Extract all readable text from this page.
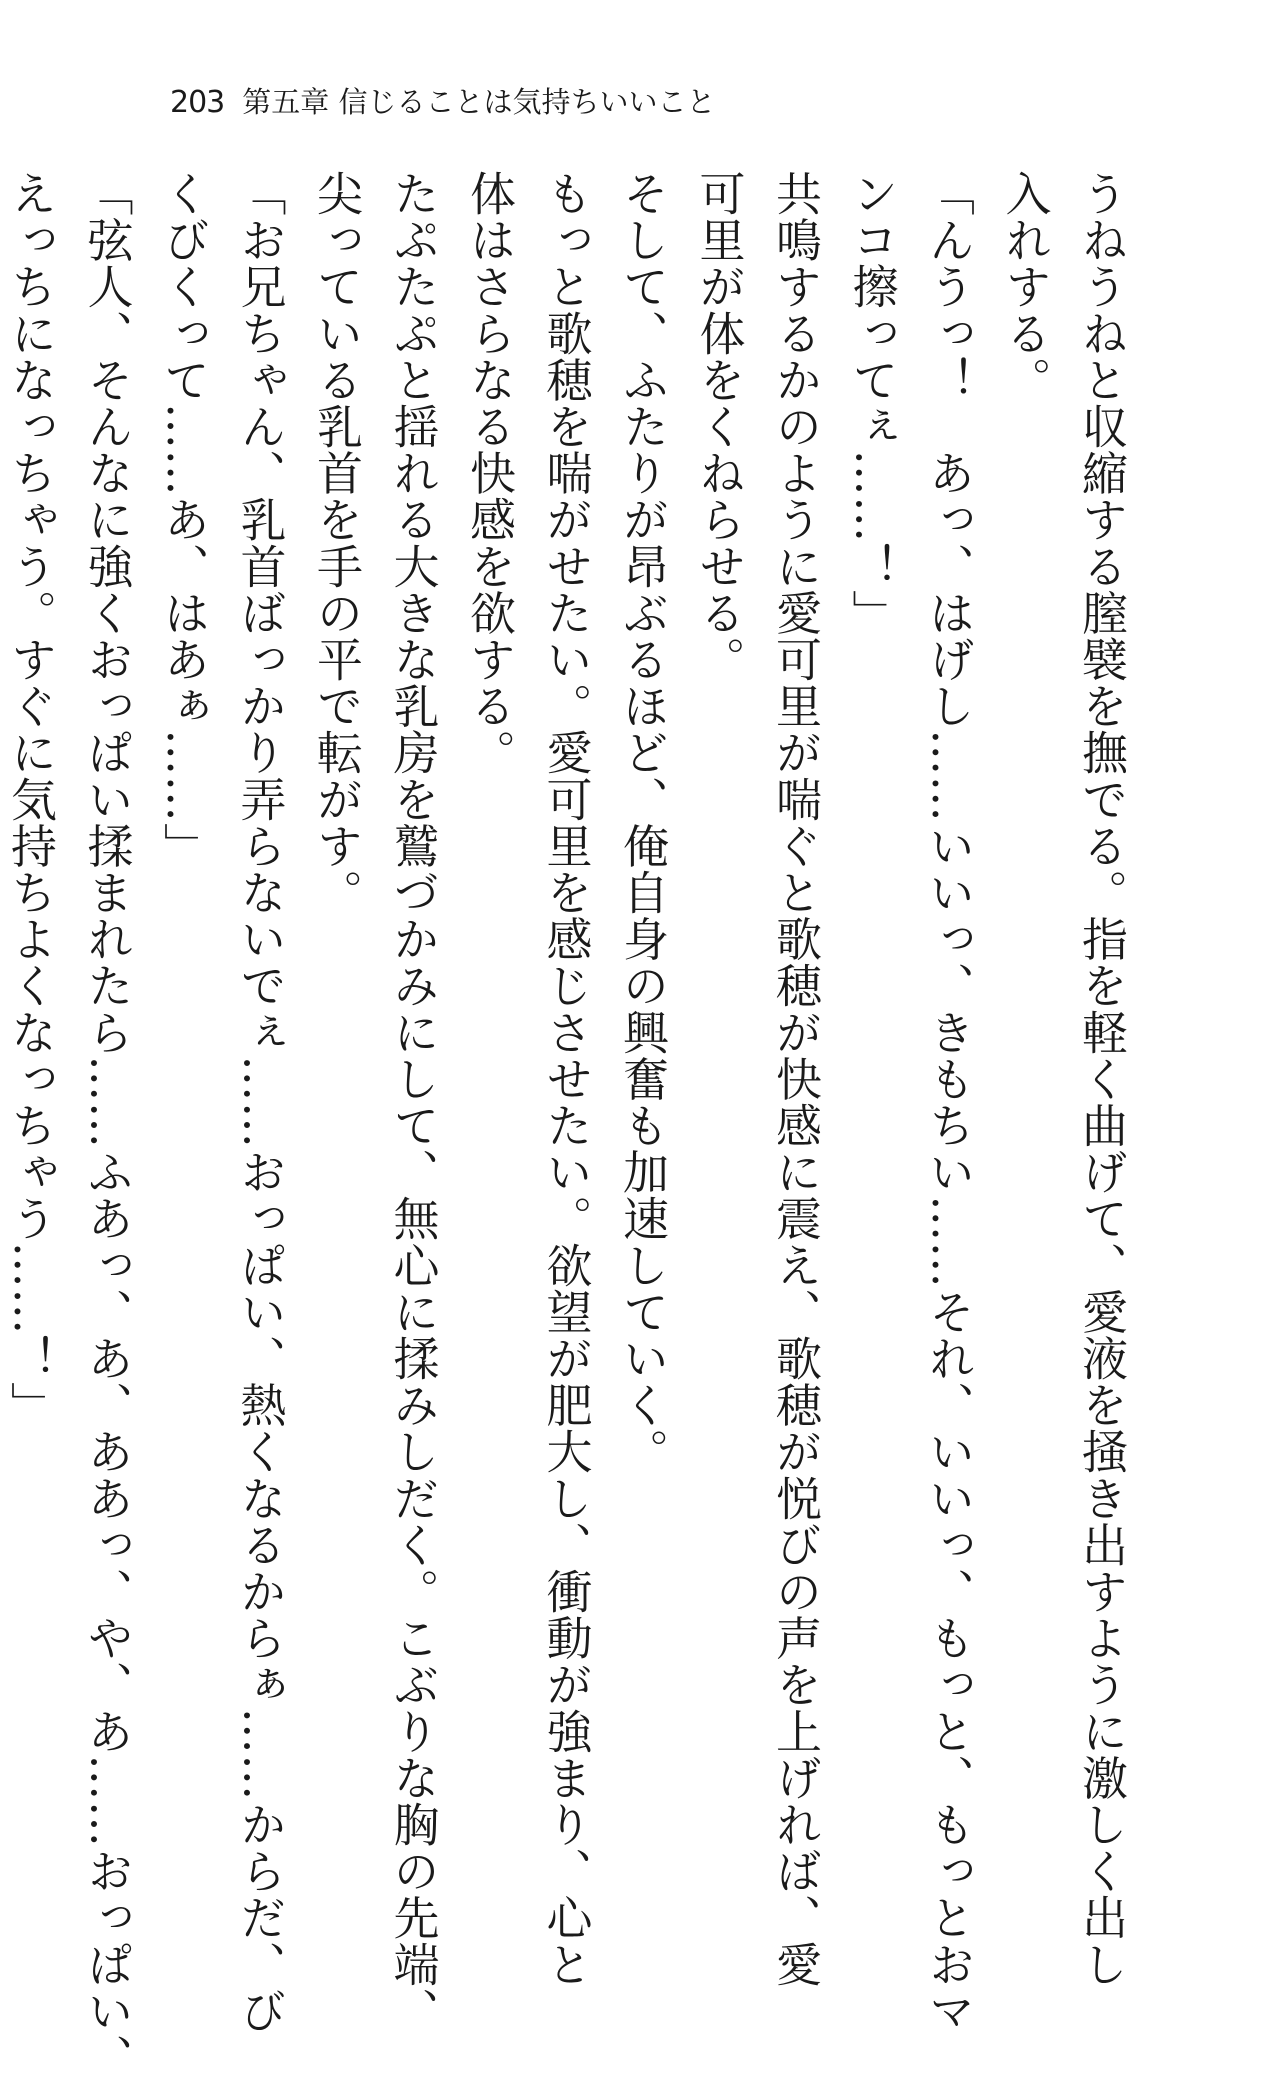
203 第五章 信じることは気持ちいいこと
うねうねと収縮する膣襞を撫でる。指を軽く曲げて、愛液を掻き出すように激しく出し
入れする。
「んうっ！　あっ、はげし……いいっ、きもちい……それ、いいっ、もっと、もっとおマ
ンコ擦ってぇ……！」
共鳴するかのように愛可里が喘ぐと歌穂が快感に震え、歌穂が悦びの声を上げれば、愛
可里が体をくねらせる。
そして、ふたりが昂ぶるほど、俺自身の興奮も加速していく。
もっと歌穂を喘がせたい。愛可里を感じさせたい。欲望が肥大し、衝動が強まり、心と
体はさらなる快感を欲する。
たぷたぷと揺れる大きな乳房を鷲づかみにして、無心に揉みしだく。こぶりな胸の先端、
尖っている乳首を手の平で転がす。
「お兄ちゃん、乳首ばっかり弄らないでぇ……おっぱい、熱くなるからぁ……からだ、び
くびくって……あ、はあぁ……」
「弦人、そんなに強くおっぱい揉まれたら……ふあっ、あ、ああっ、や、あ……おっぱい、
えっちになっちゃう。すぐに気持ちよくなっちゃう……！」
